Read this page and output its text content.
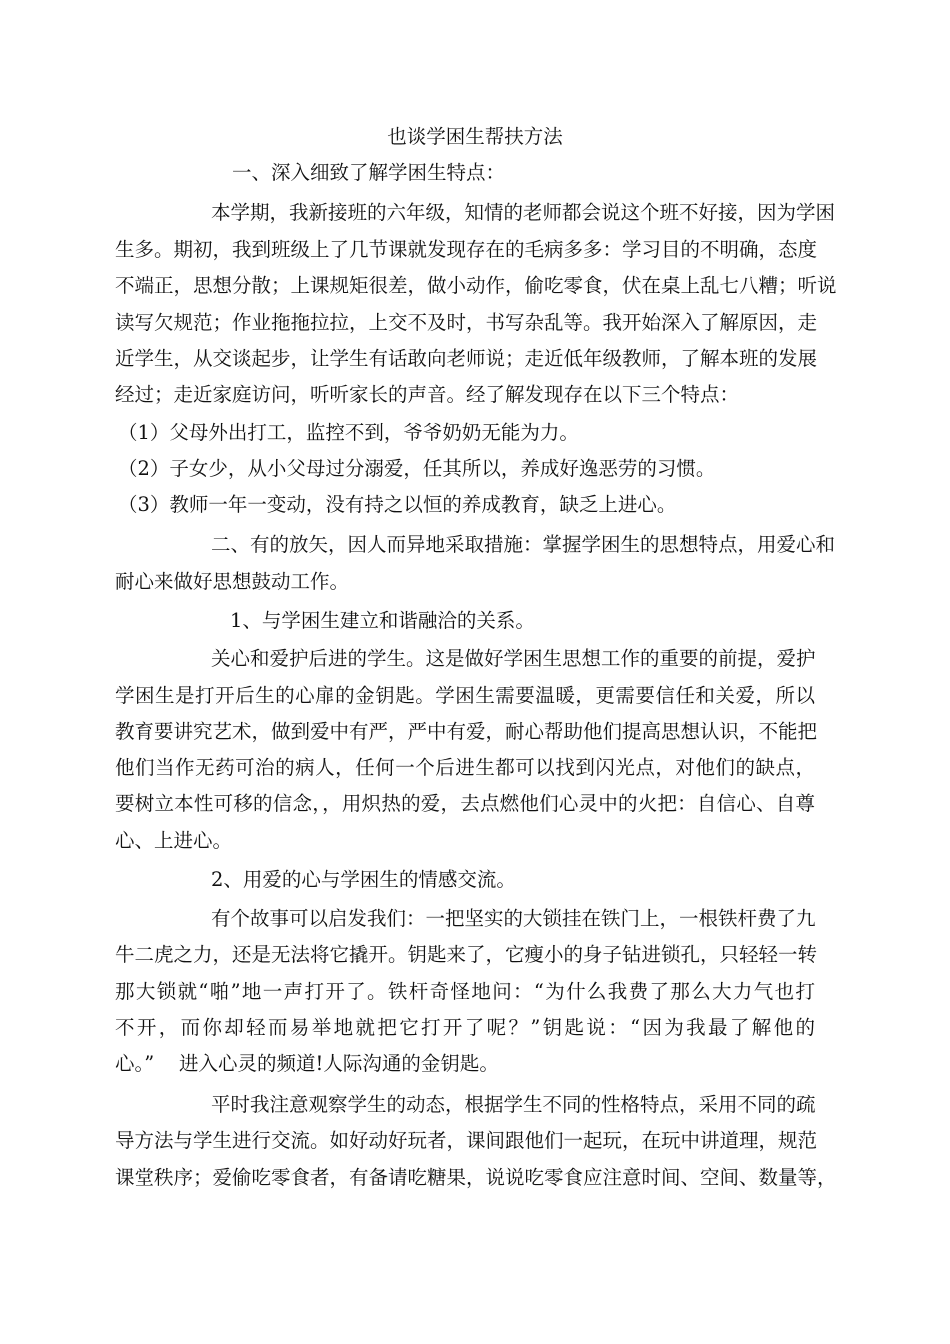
也谈学困生帮扶方法
一、深入细致了解学困生特点：
本学期，我新接班的六年级，知情的老师都会说这个班不好接，因为学困
生多。期初，我到班级上了几节课就发现存在的毛病多多：学习目的不明确，态度
不端正，思想分散；上课规矩很差，做小动作，偷吃零食，伏在桌上乱七八糟；听说
读写欠规范；作业拖拖拉拉，上交不及时，书写杂乱等。我开始深入了解原因，走
近学生，从交谈起步，让学生有话敢向老师说；走近低年级教师，了解本班的发展
经过；走近家庭访问，听听家长的声音。经了解发现存在以下三个特点：
（1）父母外出打工，监控不到，爷爷奶奶无能为力。
（2）子女少，从小父母过分溺爱，任其所以，养成好逸恶劳的习惯。
（3）教师一年一变动，没有持之以恒的养成教育，缺乏上进心。
二、有的放矢，因人而异地采取措施：掌握学困生的思想特点，用爱心和
耐心来做好思想鼓动工作。
1、与学困生建立和谐融洽的关系。
关心和爱护后进的学生。这是做好学困生思想工作的重要的前提，爱护
学困生是打开后生的心扉的金钥匙。学困生需要温暖，更需要信任和关爱，所以
教育要讲究艺术，做到爱中有严，严中有爱，耐心帮助他们提高思想认识，不能把
他们当作无药可治的病人，任何一个后进生都可以找到闪光点，对他们的缺点，
要树立本性可移的信念，，用炽热的爱，去点燃他们心灵中的火把：自信心、自尊
心、上进心。
2、用爱的心与学困生的情感交流。
有个故事可以启发我们：一把坚实的大锁挂在铁门上，一根铁杆费了九
牛二虎之力，还是无法将它撬开。钥匙来了，它瘦小的身子钻进锁孔，只轻轻一转
那大锁就“啪”地一声打开了。铁杆奇怪地问：“为什么我费了那么大力气也打
不开，而你却轻而易举地就把它打开了呢？”钥匙说：“因为我最了解他的
心。”    进入心灵的频道!人际沟通的金钥匙。
平时我注意观察学生的动态，根据学生不同的性格特点，采用不同的疏
导方法与学生进行交流。如好动好玩者，课间跟他们一起玩，在玩中讲道理，规范
课堂秩序；爱偷吃零食者，有备请吃糖果，说说吃零食应注意时间、空间、数量等，
